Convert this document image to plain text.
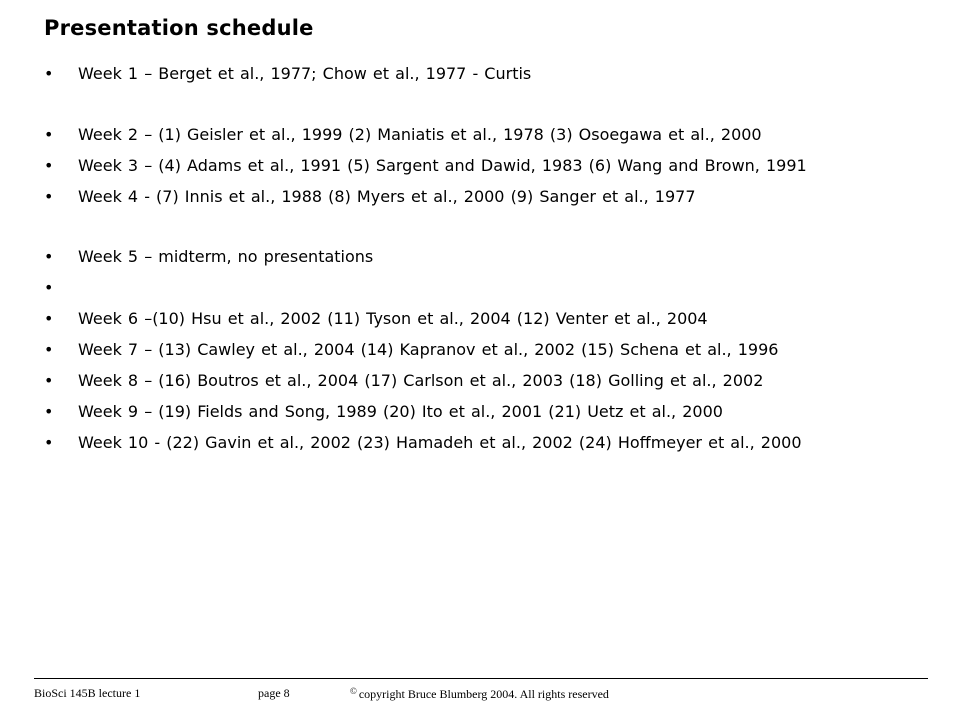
Presentation schedule
•	Week 1 – Berget et al., 1977; Chow et al., 1977 - Curtis
•	Week 2 – (1) Geisler et al., 1999 (2) Maniatis et al., 1978 (3) Osoegawa et al., 2000
•	Week 3 – (4) Adams et al., 1991 (5) Sargent and Dawid, 1983 (6) Wang and Brown, 1991
•	Week 4 - (7) Innis et al., 1988 (8) Myers et al., 2000 (9) Sanger et al., 1977
•	Week 5 – midterm, no presentations
•
•	Week 6 –(10) Hsu et al., 2002 (11) Tyson et al., 2004 (12) Venter et al., 2004
•	Week 7 – (13) Cawley et al., 2004 (14) Kapranov et al., 2002 (15) Schena et al., 1996
•	Week 8 – (16) Boutros et al., 2004 (17) Carlson et al., 2003 (18) Golling et al., 2002
•	Week 9 – (19) Fields and Song, 1989 (20) Ito et al., 2001 (21) Uetz et al., 2000
•	Week 10 - (22) Gavin et al., 2002 (23) Hamadeh et al., 2002 (24) Hoffmeyer et al., 2000
BioSci 145B lecture 1	page 8	© copyright Bruce Blumberg 2004. All rights reserved
